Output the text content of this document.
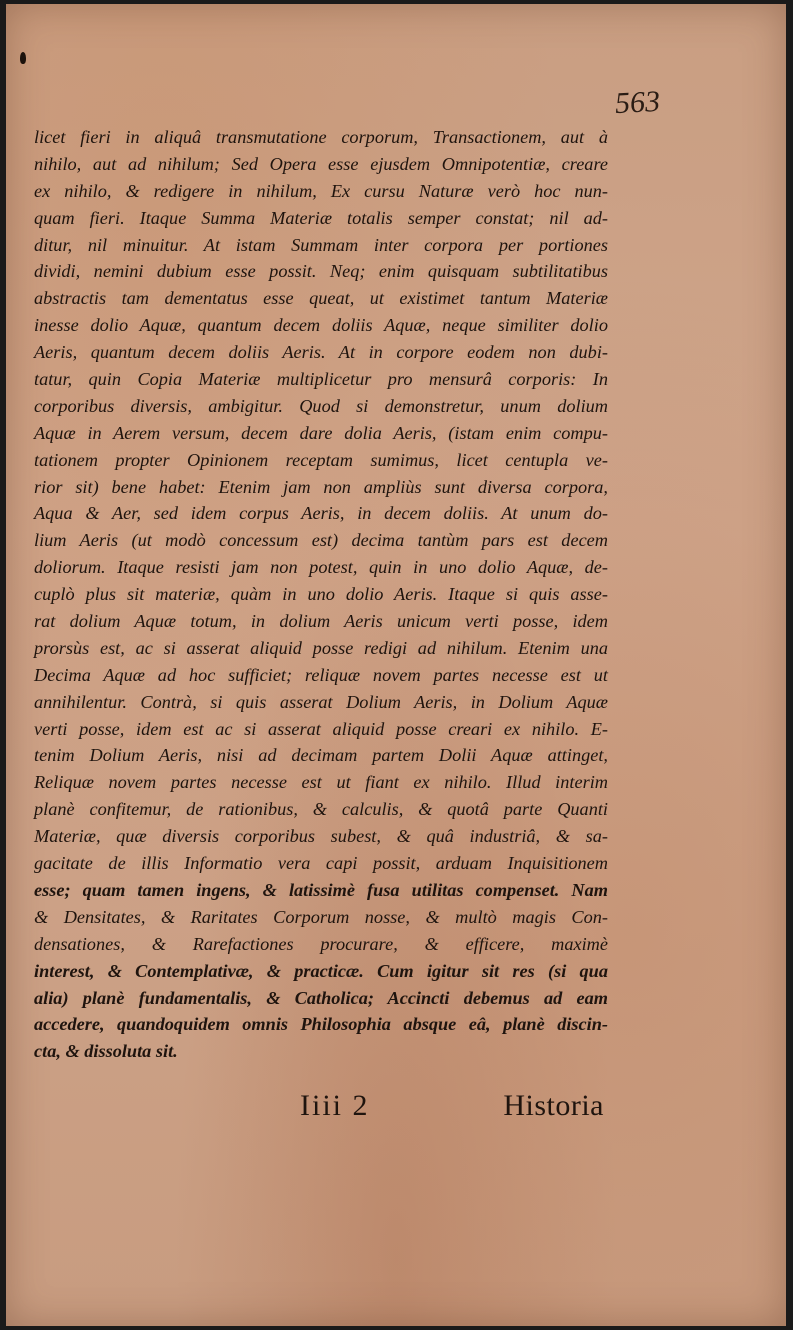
563
licet fieri in aliquâ transmutatione corporum, Transactionem, aut à
nihilo, aut ad nihilum; Sed Opera esse ejusdem Omnipotentiæ, creare
ex nihilo, & redigere in nihilum, Ex cursu Naturæ verò hoc nun-
quam fieri. Itaque Summa Materiæ totalis semper constat; nil ad-
ditur, nil minuitur. At istam Summam inter corpora per portiones
dividi, nemini dubium esse possit. Neq; enim quisquam subtilitatibus
abstractis tam dementatus esse queat, ut existimet tantum Materiæ
inesse dolio Aquæ, quantum decem doliis Aquæ, neque similiter dolio
Aeris, quantum decem doliis Aeris. At in corpore eodem non dubi-
tatur, quin Copia Materiæ multiplicetur pro mensurâ corporis: In
corporibus diversis, ambigitur. Quod si demonstretur, unum dolium
Aquæ in Aerem versum, decem dare dolia Aeris, (istam enim compu-
tationem propter Opinionem receptam sumimus, licet centupla ve-
rior sit) bene habet: Etenim jam non ampliùs sunt diversa corpora,
Aqua & Aer, sed idem corpus Aeris, in decem doliis. At unum do-
lium Aeris (ut modò concessum est) decima tantùm pars est decem
doliorum. Itaque resisti jam non potest, quin in uno dolio Aquæ, de-
cuplò plus sit materiæ, quàm in uno dolio Aeris. Itaque si quis asse-
rat dolium Aquæ totum, in dolium Aeris unicum verti posse, idem
prorsùs est, ac si asserat aliquid posse redigi ad nihilum. Etenim una
Decima Aquæ ad hoc sufficiet; reliquæ novem partes necesse est ut
annihilentur. Contrà, si quis asserat Dolium Aeris, in Dolium Aquæ
verti posse, idem est ac si asserat aliquid posse creari ex nihilo. E-
tenim Dolium Aeris, nisi ad decimam partem Dolii Aquæ attinget,
Reliquæ novem partes necesse est ut fiant ex nihilo. Illud interim
planè confitemur, de rationibus, & calculis, & quotâ parte Quanti
Materiæ, quæ diversis corporibus subest, & quâ industriâ, & sa-
gacitate de illis Informatio vera capi possit, arduam Inquisitionem
esse; quam tamen ingens, & latissimè fusa utilitas compenset. Nam
& Densitates, & Raritates Corporum nosse, & multò magis Con-
densationes, & Rarefactiones procurare, & efficere, maximè
interest, & Contemplativæ, & practicæ. Cum igitur sit res (si qua
alia) planè fundamentalis, & Catholica; Accincti debemus ad eam
accedere, quandoquidem omnis Philosophia absque eâ, planè discin-
cta, & dissoluta sit.
Iiii 2	Historia
